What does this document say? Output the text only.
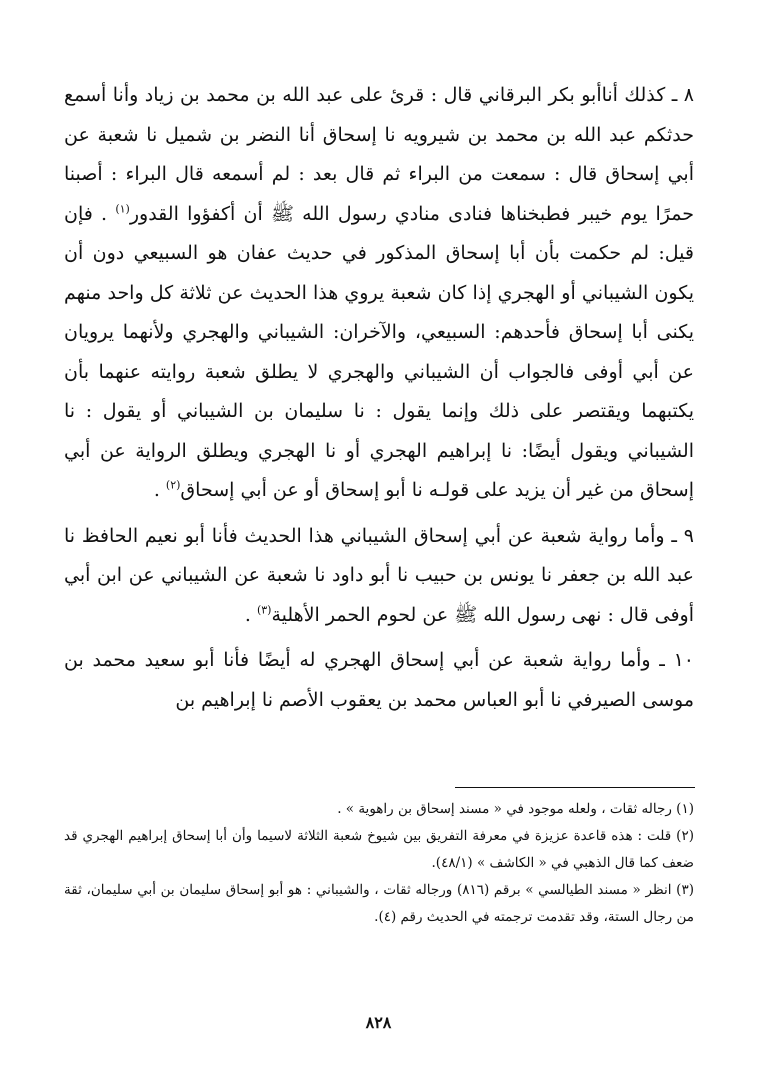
٨ ـ كذلك أناأبو بكر البرقاني قال : قرئ على عبد الله بن محمد بن زياد وأنا أسمع حدثكم عبد الله بن محمد بن شيرويه نا إسحاق أنا النضر بن شميل نا شعبة عن أبي إسحاق قال : سمعت من البراء ثم قال بعد : لم أسمعه قال البراء : أصبنا حمرًا يوم خيبر فطبخناها فنادى منادي رسول الله ﷺ أن أكفؤوا القدور$^{(١)}$ . فإن قيل: لم حكمت بأن أبا إسحاق المذكور في حديث عفان هو السبيعي دون أن يكون الشيباني أو الهجري إذا كان شعبة يروي هذا الحديث عن ثلاثة كل واحد منهم يكنى أبا إسحاق فأحدهم: السبيعي، والآخران: الشيباني والهجري ولأنهما يرويان عن أبي أوفى فالجواب أن الشيباني والهجري لا يطلق شعبة روايته عنهما بأن يكتبهما ويقتصر على ذلك وإنما يقول : نا سليمان بن الشيباني أو يقول : نا الشيباني ويقول أيضًا: نا إبراهيم الهجري أو نا الهجري ويطلق الرواية عن أبي إسحاق من غير أن يزيد على قولـه نا أبو إسحاق أو عن أبي إسحاق$^{(٢)}$ .

٩ ـ وأما رواية شعبة عن أبي إسحاق الشيباني هذا الحديث فأنا أبو نعيم الحافظ نا عبد الله بن جعفر نا يونس بن حبيب نا أبو داود نا شعبة عن الشيباني عن ابن أبي أوفى قال : نهى رسول الله ﷺ عن لحوم الحمر الأهلية$^{(٣)}$ .

١٠ ـ وأما رواية شعبة عن أبي إسحاق الهجري له أيضًا فأنا أبو سعيد محمد بن موسى الصيرفي نا أبو العباس محمد بن يعقوب الأصم نا إبراهيم بن

(١) رجاله ثقات ، ولعله موجود في « مسند إسحاق بن راهوية » .

(٢) قلت : هذه قاعدة عزيزة في معرفة التفريق بين شيوخ شعبة الثلاثة لاسيما وأن أبا إسحاق إبراهيم الهجري قد ضعف كما قال الذهبي في « الكاشف » (٤٨/١).

(٣) انظر « مسند الطيالسي » برقم (٨١٦) ورجاله ثقات ، والشيباني : هو أبو إسحاق سليمان بن أبي سليمان، ثقة من رجال الستة، وقد تقدمت ترجمته في الحديث رقم (٤).

٨٢٨
